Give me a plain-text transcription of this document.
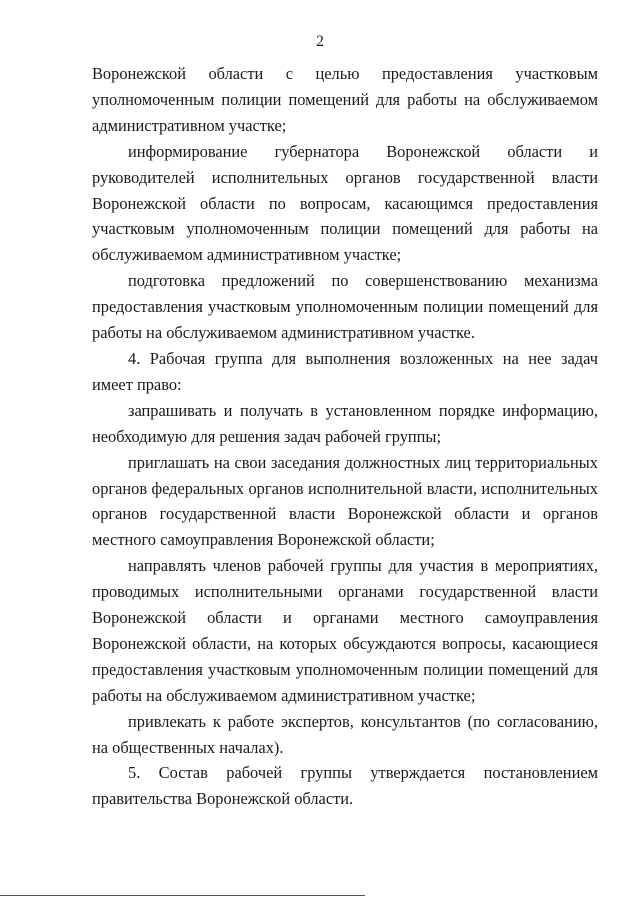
2

Воронежской области с целью предоставления участковым уполномоченным полиции помещений для работы на обслуживаемом административном участке;

информирование губернатора Воронежской области и руководителей исполнительных органов государственной власти Воронежской области по вопросам, касающимся предоставления участковым уполномоченным полиции помещений для работы на обслуживаемом административном участке;

подготовка предложений по совершенствованию механизма предоставления участковым уполномоченным полиции помещений для работы на обслуживаемом административном участке.

4. Рабочая группа для выполнения возложенных на нее задач имеет право:

запрашивать и получать в установленном порядке информацию, необходимую для решения задач рабочей группы;

приглашать на свои заседания должностных лиц территориальных органов федеральных органов исполнительной власти, исполнительных органов государственной власти Воронежской области и органов местного самоуправления Воронежской области;

направлять членов рабочей группы для участия в мероприятиях, проводимых исполнительными органами государственной власти Воронежской области и органами местного самоуправления Воронежской области, на которых обсуждаются вопросы, касающиеся предоставления участковым уполномоченным полиции помещений для работы на обслуживаемом административном участке;

привлекать к работе экспертов, консультантов (по согласованию, на общественных началах).

5. Состав рабочей группы утверждается постановлением правительства Воронежской области.
